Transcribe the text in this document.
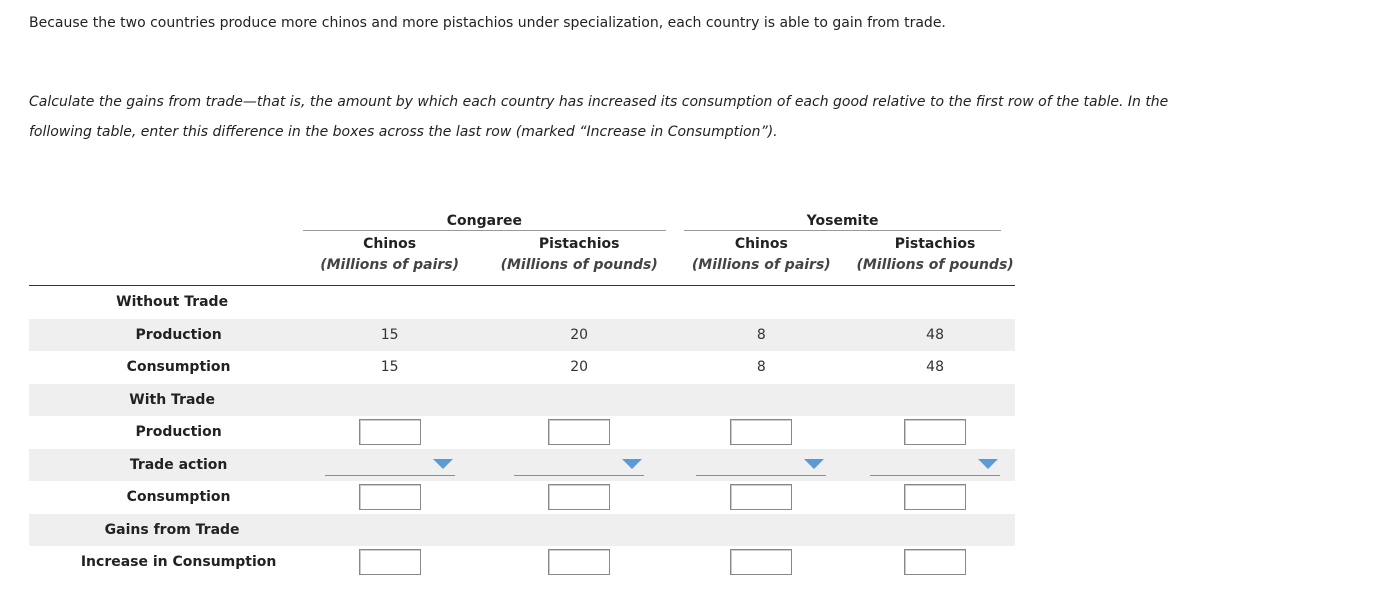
Because the two countries produce more chinos and more pistachios under specialization, each country is able to gain from trade.
Calculate the gains from trade—that is, the amount by which each country has increased its consumption of each good relative to the first row of the table. In the following table, enter this difference in the boxes across the last row (marked “Increase in Consumption”).

	Congaree				Yosemite		

	Chinos		Pistachios		Chinos		Pistachios
	(Millions of pairs)		(Millions of pounds)		(Millions of pairs)		(Millions of pounds)
Without Trade							
Production	15		20		8		48
Consumption	15		20		8		48
With Trade							
Production							
Trade action	

Consumption							
Gains from Trade							
Increase in Consumption							
